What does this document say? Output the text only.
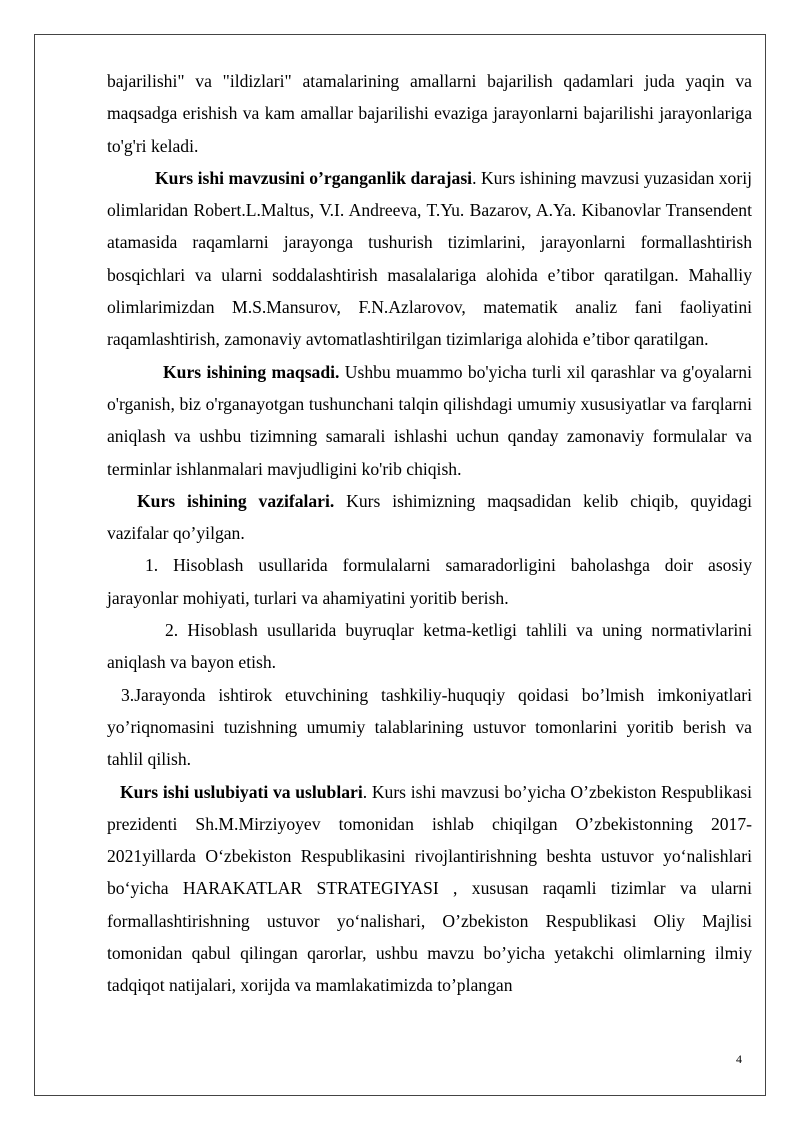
bajarilishi" va "ildizlari" atamalarining amallarni bajarilish qadamlari juda yaqin va maqsadga erishish va kam amallar bajarilishi evaziga jarayonlarni bajarilishi jarayonlariga to'g'ri keladi.

Kurs ishi mavzusini o’rganganlik darajasi. Kurs ishining mavzusi yuzasidan xorij olimlaridan Robert.L.Maltus, V.I. Andreeva, T.Yu. Bazarov, A.Ya. Kibanovlar Transendent atamasida raqamlarni jarayonga tushurish tizimlarini, jarayonlarni formallashtirish bosqichlari va ularni soddalashtirish masalalariga alohida e’tibor qaratilgan. Mahalliy olimlarimizdan M.S.Mansurov, F.N.Azlarovov, matematik analiz fani faoliyatini raqamlashtirish, zamonaviy avtomatlashtirilgan tizimlariga alohida e’tibor qaratilgan.

Kurs ishining maqsadi. Ushbu muammo bo'yicha turli xil qarashlar va g'oyalarni o'rganish, biz o'rganayotgan tushunchani talqin qilishdagi umumiy xususiyatlar va farqlarni aniqlash va ushbu tizimning samarali ishlashi uchun qanday zamonaviy formulalar va terminlar ishlanmalari mavjudligini ko'rib chiqish.

Kurs ishining vazifalari. Kurs ishimizning maqsadidan kelib chiqib, quyidagi vazifalar qo’yilgan.

1. Hisoblash usullarida formulalarni samaradorligini baholashga doir asosiy jarayonlar mohiyati, turlari va ahamiyatini yoritib berish.

2. Hisoblash usullarida buyruqlar ketma-ketligi tahlili va uning normativlarini aniqlash va bayon etish.

3.Jarayonda ishtirok etuvchining tashkiliy-huquqiy qoidasi bo’lmish imkoniyatlari yo’riqnomasini tuzishning umumiy talablarining ustuvor tomonlarini yoritib berish va tahlil qilish.

Kurs ishi uslubiyati va uslublari. Kurs ishi mavzusi bo’yicha O’zbekiston Respublikasi prezidenti Sh.M.Mirziyoyev tomonidan ishlab chiqilgan O’zbekistonning 2017-2021yillarda O‘zbekiston Respublikasini rivojlantirishning beshta ustuvor yo‘nalishlari bo‘yicha HARAKATLAR STRATEGIYASI , xususan raqamli tizimlar va ularni formallashtirishning ustuvor yo‘nalishari, O’zbekiston Respublikasi Oliy Majlisi tomonidan qabul qilingan qarorlar, ushbu mavzu bo’yicha yetakchi olimlarning ilmiy tadqiqot natijalari, xorijda va mamlakatimizda to’plangan

4
